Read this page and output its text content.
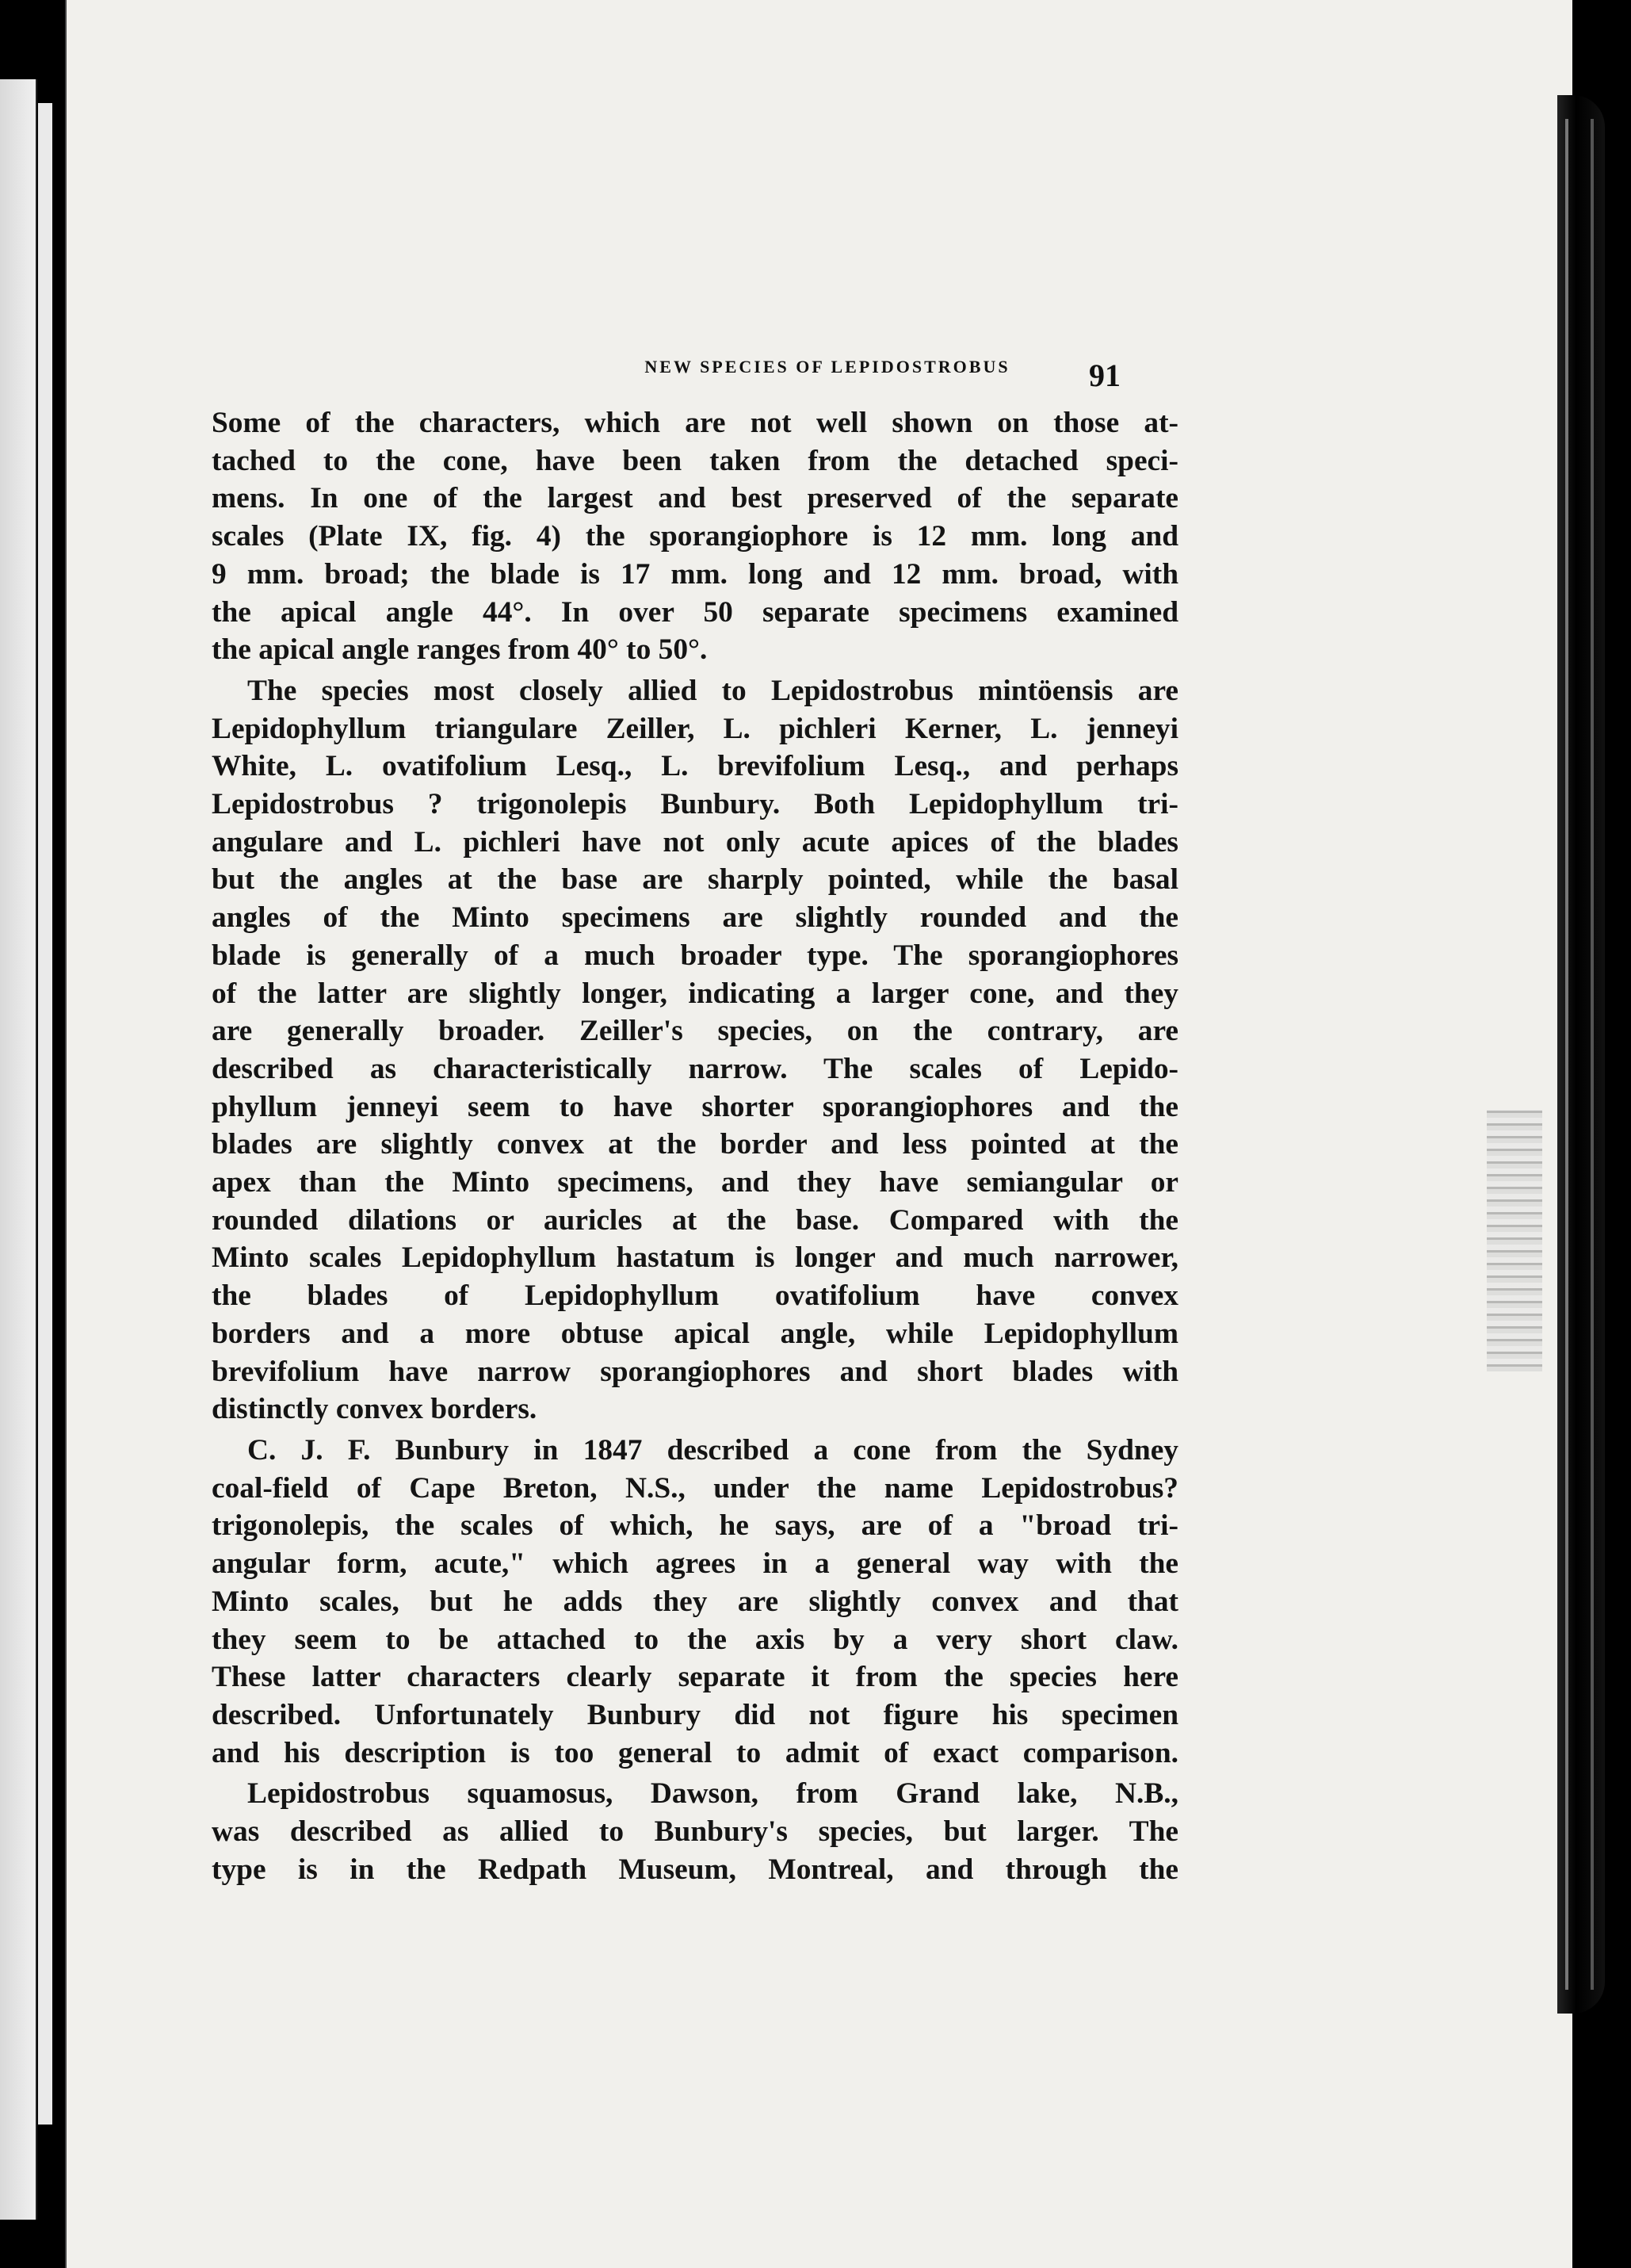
NEW SPECIES OF LEPIDOSTROBUS 91

Some of the characters, which are not well shown on those at-
tached to the cone, have been taken from the detached speci-
mens. In one of the largest and best preserved of the separate
scales (Plate IX, fig. 4) the sporangiophore is 12 mm. long and
9 mm. broad; the blade is 17 mm. long and 12 mm. broad, with
the apical angle 44°. In over 50 separate specimens examined
the apical angle ranges from 40° to 50°.

The species most closely allied to Lepidostrobus mintöensis are
Lepidophyllum triangulare Zeiller, L. pichleri Kerner, L. jenneyi
White, L. ovatifolium Lesq., L. brevifolium Lesq., and perhaps
Lepidostrobus ? trigonolepis Bunbury. Both Lepidophyllum tri-
angulare and L. pichleri have not only acute apices of the blades
but the angles at the base are sharply pointed, while the basal
angles of the Minto specimens are slightly rounded and the
blade is generally of a much broader type. The sporangiophores
of the latter are slightly longer, indicating a larger cone, and they
are generally broader. Zeiller's species, on the contrary, are
described as characteristically narrow. The scales of Lepido-
phyllum jenneyi seem to have shorter sporangiophores and the
blades are slightly convex at the border and less pointed at the
apex than the Minto specimens, and they have semiangular or
rounded dilations or auricles at the base. Compared with the
Minto scales Lepidophyllum hastatum is longer and much narrower,
the blades of Lepidophyllum ovatifolium have convex
borders and a more obtuse apical angle, while Lepidophyllum
brevifolium have narrow sporangiophores and short blades with
distinctly convex borders.

C. J. F. Bunbury in 1847 described a cone from the Sydney
coal-field of Cape Breton, N.S., under the name Lepidostrobus?
trigonolepis, the scales of which, he says, are of a "broad tri-
angular form, acute," which agrees in a general way with the
Minto scales, but he adds they are slightly convex and that
they seem to be attached to the axis by a very short claw.
These latter characters clearly separate it from the species here
described. Unfortunately Bunbury did not figure his specimen
and his description is too general to admit of exact comparison.

Lepidostrobus squamosus, Dawson, from Grand lake, N.B.,
was described as allied to Bunbury's species, but larger. The
type is in the Redpath Museum, Montreal, and through the
